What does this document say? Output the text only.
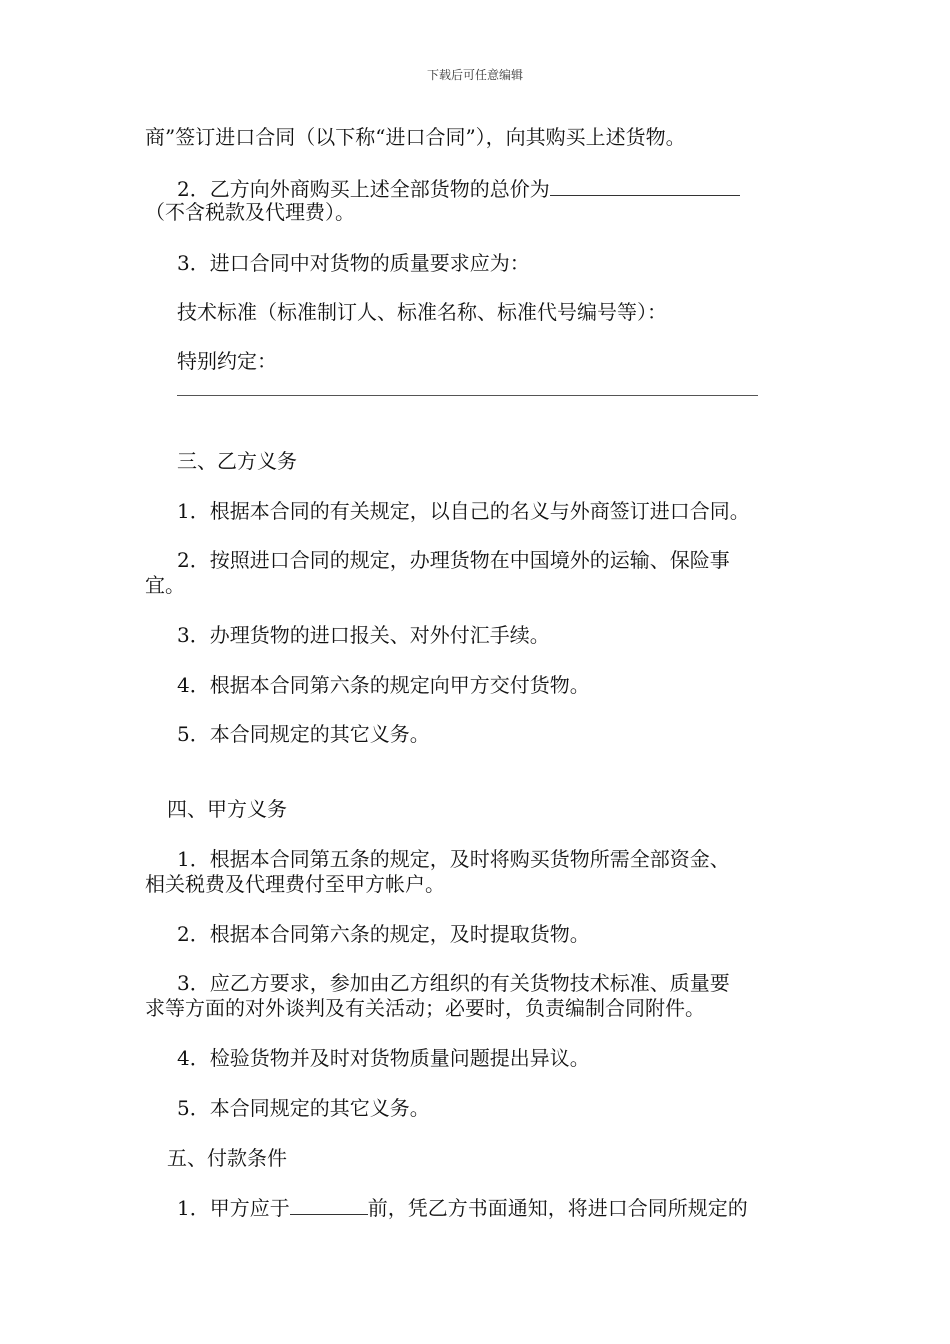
下载后可任意编辑
商”签订进口合同（以下称“进口合同”），向其购买上述货物。
2．乙方向外商购买上述全部货物的总价为
（不含税款及代理费）。
3．进口合同中对货物的质量要求应为：
技术标准（标准制订人、标准名称、标准代号编号等）：
特别约定：
三、乙方义务
1．根据本合同的有关规定，以自己的名义与外商签订进口合同。
2．按照进口合同的规定，办理货物在中国境外的运输、保险事
宜。
3．办理货物的进口报关、对外付汇手续。
4．根据本合同第六条的规定向甲方交付货物。
5．本合同规定的其它义务。
四、甲方义务
1．根据本合同第五条的规定，及时将购买货物所需全部资金、
相关税费及代理费付至甲方帐户。
2．根据本合同第六条的规定，及时提取货物。
3．应乙方要求，参加由乙方组织的有关货物技术标准、质量要
求等方面的对外谈判及有关活动；必要时，负责编制合同附件。
4．检验货物并及时对货物质量问题提出异议。
5．本合同规定的其它义务。
五、付款条件
1．甲方应于	前，凭乙方书面通知，将进口合同所规定的
